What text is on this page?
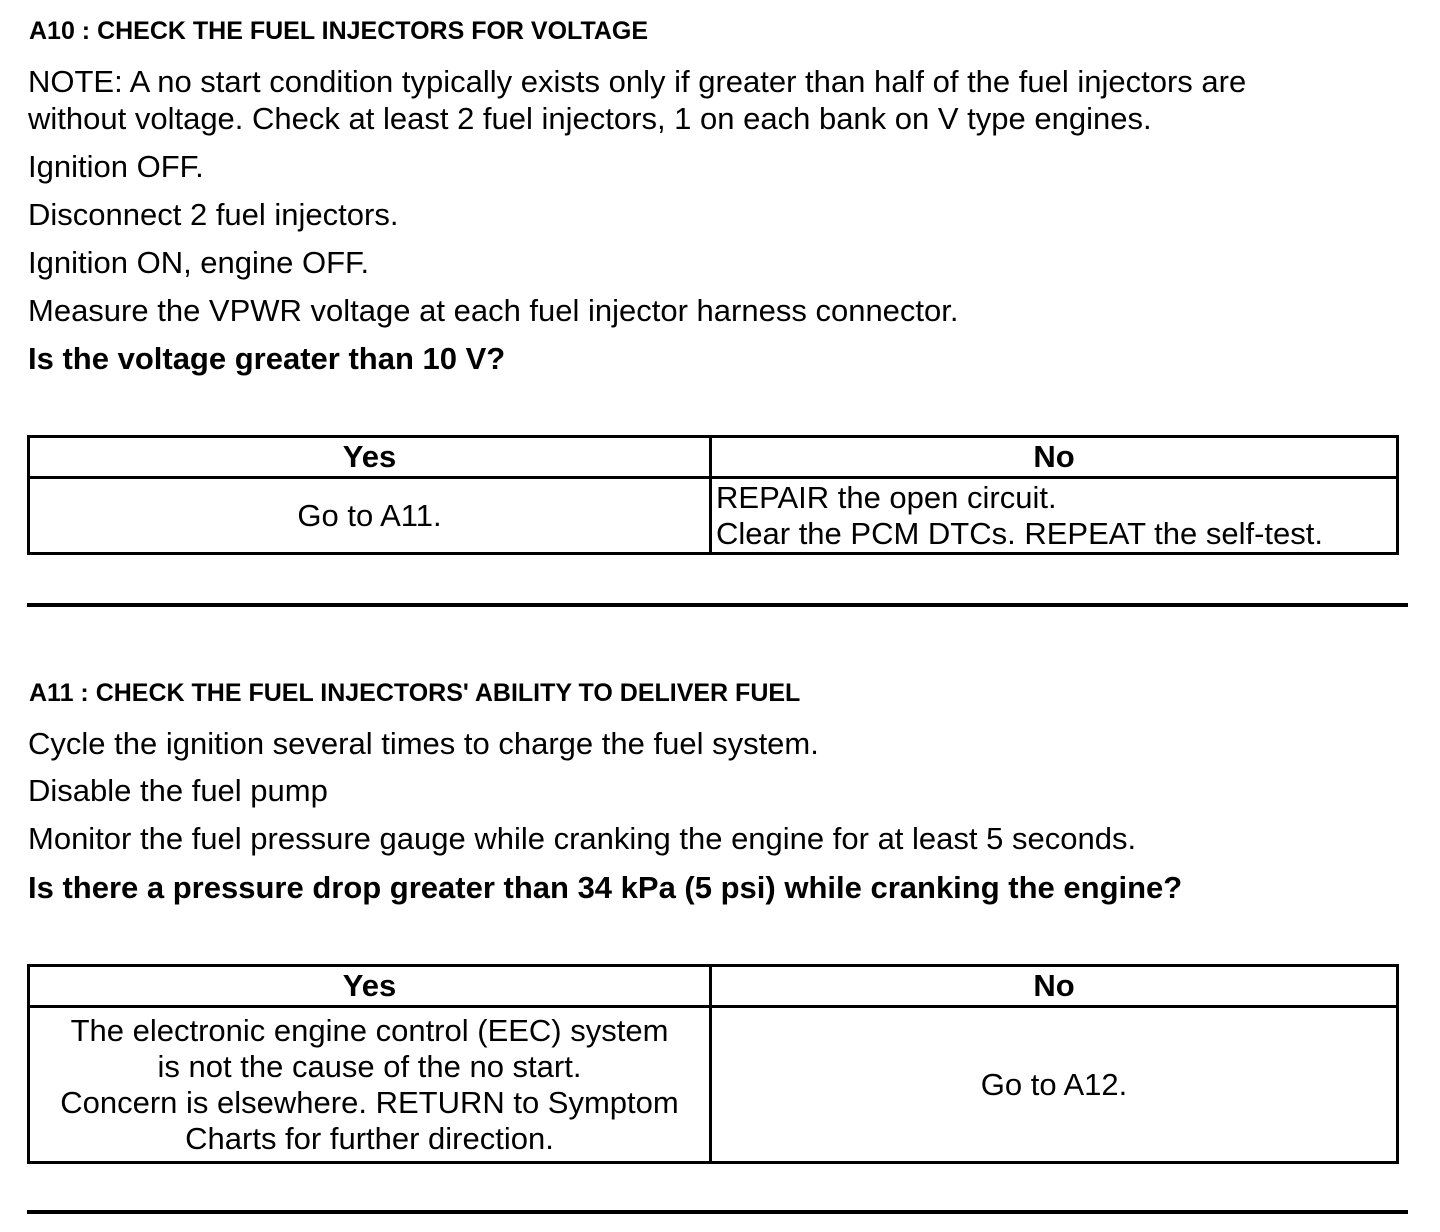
A10 : CHECK THE FUEL INJECTORS FOR VOLTAGE

NOTE: A no start condition typically exists only if greater than half of the fuel injectors are

without voltage. Check at least 2 fuel injectors, 1 on each bank on V type engines.

Ignition OFF.

Disconnect 2 fuel injectors.

Ignition ON, engine OFF.

Measure the VPWR voltage at each fuel injector harness connector.

Is the voltage greater than 10 V?

Yes	No
Go to A11.	REPAIR the open circuit.
Clear the PCM DTCs. REPEAT the self-test.
A11 : CHECK THE FUEL INJECTORS' ABILITY TO DELIVER FUEL

Cycle the ignition several times to charge the fuel system.

Disable the fuel pump

Monitor the fuel pressure gauge while cranking the engine for at least 5 seconds.

Is there a pressure drop greater than 34 kPa (5 psi) while cranking the engine?

Yes	No

The electronic engine control (EEC) system
is not the cause of the no start.
Concern is elsewhere. RETURN to Symptom
Charts for further direction.	Go to A12.
